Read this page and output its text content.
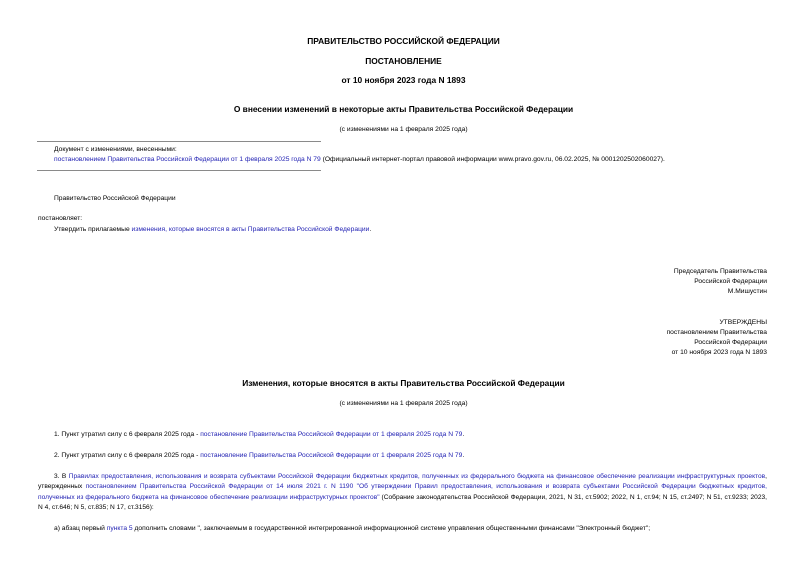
ПРАВИТЕЛЬСТВО РОССИЙСКОЙ ФЕДЕРАЦИИ
ПОСТАНОВЛЕНИЕ
от 10 ноября 2023 года N 1893
О внесении изменений в некоторые акты Правительства Российской Федерации
(с изменениями на 1 февраля 2025 года)
Документ с изменениями, внесенными:
постановлением Правительства Российской Федерации от 1 февраля 2025 года N 79 (Официальный интернет-портал правовой информации www.pravo.gov.ru, 06.02.2025, № 0001202502060027).
Правительство Российской Федерации
постановляет:
Утвердить прилагаемые изменения, которые вносятся в акты Правительства Российской Федерации.
Председатель Правительства
Российской Федерации
М.Мишустин
УТВЕРЖДЕНЫ
постановлением Правительства
Российской Федерации
от 10 ноября 2023 года N 1893
Изменения, которые вносятся в акты Правительства Российской Федерации
(с изменениями на 1 февраля 2025 года)
1. Пункт утратил силу с 6 февраля 2025 года - постановление Правительства Российской Федерации от 1 февраля 2025 года N 79.
2. Пункт утратил силу с 6 февраля 2025 года - постановление Правительства Российской Федерации от 1 февраля 2025 года N 79.
3. В Правилах предоставления, использования и возврата субъектами Российской Федерации бюджетных кредитов, полученных из федерального бюджета на финансовое обеспечение реализации инфраструктурных проектов, утвержденных постановлением Правительства Российской Федерации от 14 июля 2021 г. N 1190 "Об утверждении Правил предоставления, использования и возврата субъектами Российской Федерации бюджетных кредитов, полученных из федерального бюджета на финансовое обеспечение реализации инфраструктурных проектов" (Собрание законодательства Российской Федерации, 2021, N 31, ст.5902; 2022, N 1, ст.94; N 15, ст.2497; N 51, ст.9233; 2023, N 4, ст.646; N 5, ст.835; N 17, ст.3156):
а) абзац первый пункта 5 дополнить словами ", заключаемым в государственной интегрированной информационной системе управления общественными финансами "Электронный бюджет";
